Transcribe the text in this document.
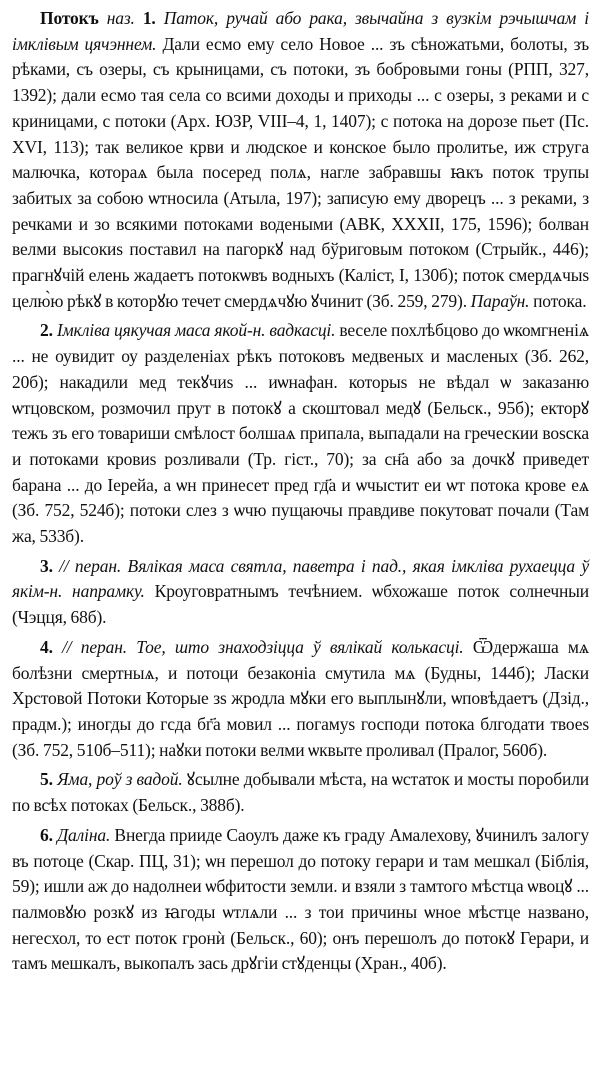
Потокъ наз. 1. Паток, ручай або рака, звычайна з вузкім рэчышчам і імклівым цячэннем. Дали есмо ему село Новое ... зъ сѣножатьми, болоты, зъ рѣками, съ озеры, съ крыницами, съ потоки, зъ бобровыми гоны (РПП, 327, 1392); дали есмо тая села со всими доходы и приходы ... с озеры, з реками и с криницами, с потоки (Арх. ЮЗР, VIII–4, 1, 1407); с потока на дорозе пьет (Пс. XVI, 113); так великое крви и людское и конское было пролитье, иж струга малючка, котораѧ была посеред полѧ, нагле забравшы ꙗкъ поток трупы забитых за собою ѡтносила (Атыла, 197); записую ему дворецъ ... з реками, з речками и зо всякими потоками водеными (АВК, XXXII, 175, 1596); болван велми высокиѕ поставил на пагоркꙋ над бўриговым потоком (Стрыйк., 446); прагнꙋчій елень жадаетъ потокѡвъ водныхъ (Каліст, I, 130б); поток смердѧчыѕ целю̀ю рѣкꙋ в которꙋю течет смердѧчꙋю ꙋчинит (Зб. 259, 279). Параўн. потока.

2. Імкліва цякучая маса якой-н. вадкасці. веселе похлѣбцово до ѡкомгненіѧ ... не оувидит оу разделеніах рѣкъ потоковъ медвеных и масленых (Зб. 262, 20б); накадили мед текꙋчиѕ ... иѡнафан. которыѕ не вѣдал ѡ заказаню ѡтцовском, розмочил прут в потокꙋ а скоштовал медꙋ (Бельск., 95б); екторꙋ тежъ зъ его товариши смѣлост болшаѧ припала, выпадали на греческии воѕска и потоками кровиѕ розливали (Тр. гіст., 70); за сн҃а або за дочкꙋ приведет барана ... до Іерейа, а ѡн принесет пред гд҃а и ѡчыстит еи ѡт потока крове еѧ (Зб. 752, 524б); потоки слез з ѡчю пущаючы правдиве покутоват почали (Там жа, 533б).

3. // перан. Вялікая маса святла, паветра і пад., якая імкліва рухаецца ў якім-н. напрамку. Кроуговратнымъ течѣнием. ѡбхожаше поток солнечныи (Чэцця, 68б).

4. // перан. Тое, што знаходзіцца ў вялікай колькасці. Ѿдержаша мѧ болѣзни смертныѧ, и потоци безаконіа смутила мѧ (Будны, 144б); Ласки Хрстовой Потоки Которые зѕ жродла мꙋки его выплынꙋли, ѡповѣдаетъ (Дзід., прадм.); иногды до гсда бг҃а мовил ... погамуѕ господи потока блгодати твоеѕ (Зб. 752, 510б–511); наꙋки потоки велми ѡквыте проливал (Пралог, 560б).

5. Яма, роў з вадой. ꙋсылне добывали мѣста, на ѡстаток и мосты поробили по всѣх потоках (Бельск., 388б).

6. Даліна. Внегда прииде Саоулъ даже къ граду Амалехову, ꙋчинилъ залогу въ потоце (Скар. ПЦ, 31); ѡн перешол до потоку герари и там мешкал (Біблія, 59); ишли аж до надолнеи ѡбфитости земли. и взяли з тамтого мѣстца ѡвоцꙋ ... палмовꙋю розкꙋ из ꙗгоды ѡтлѧли ... з тои причины ѡное мѣстце названо, негесхол, то ест поток гронѝ (Бельск., 60); онъ перешолъ до потокꙋ Герари, и тамъ мешкалъ, выкопалъ зась дрꙋгіи стꙋденцы (Хран., 40б).
